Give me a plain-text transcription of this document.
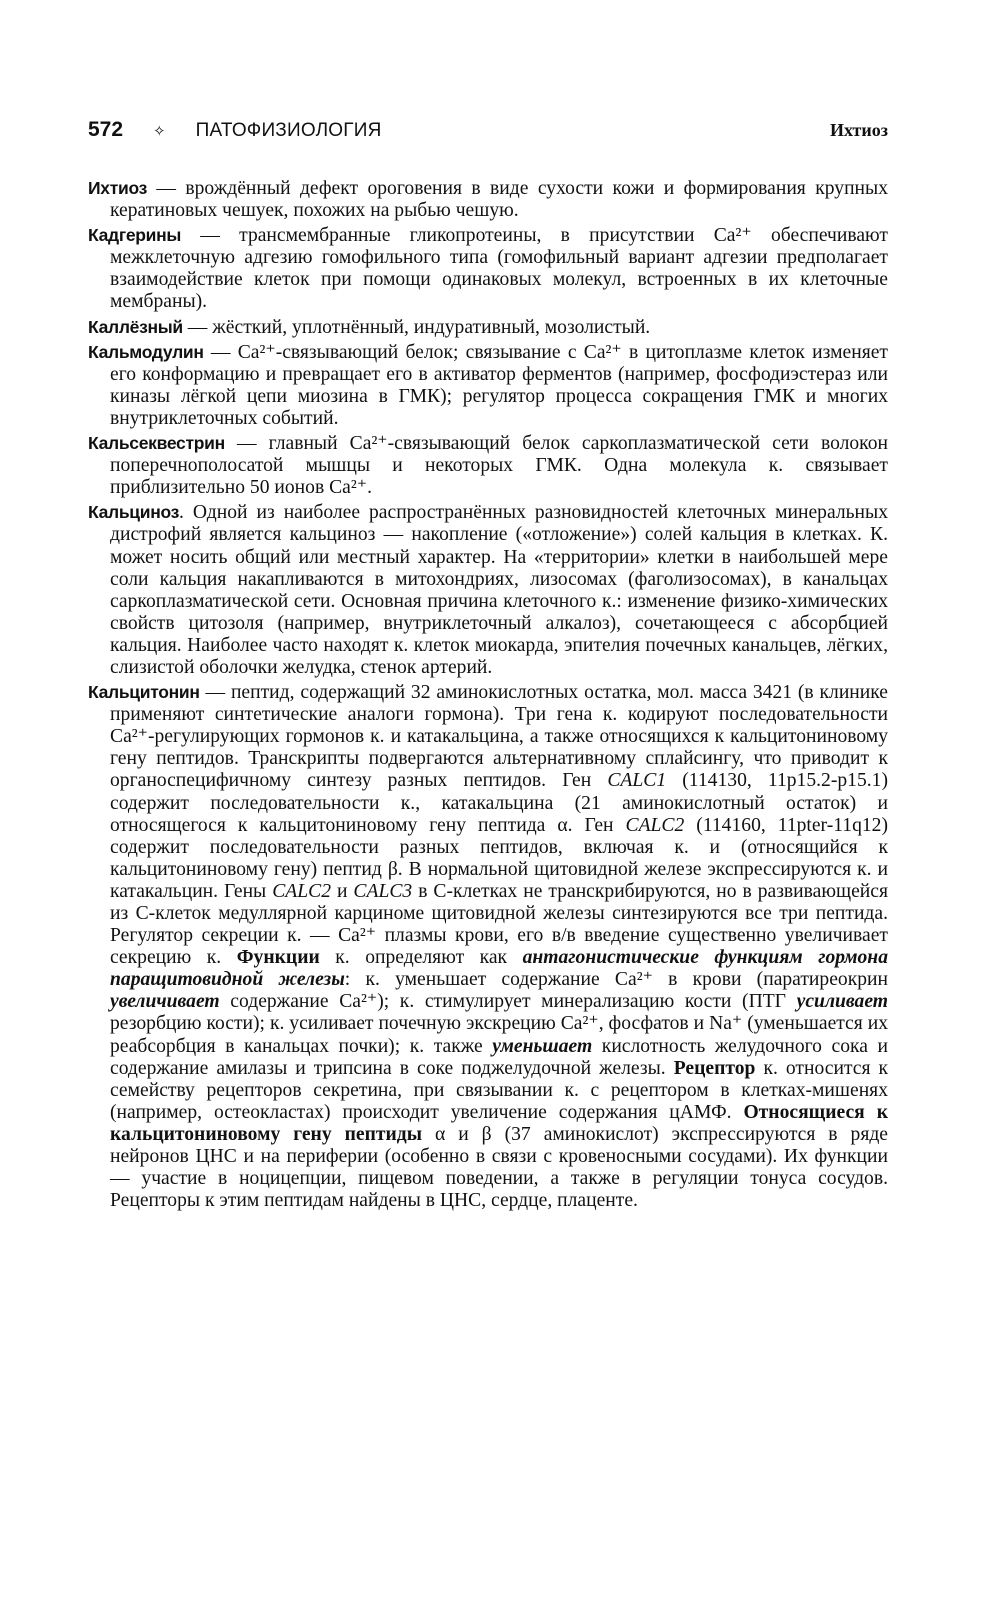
572 ✧ ПАТОФИЗИОЛОГИЯ	Ихтиоз

Ихтиоз — врождённый дефект ороговения в виде сухости кожи и формирования крупных кератиновых чешуек, похожих на рыбью чешую.

Кадгерины — трансмембранные гликопротеины, в присутствии Ca²⁺ обеспечивают межклеточную адгезию гомофильного типа (гомофильный вариант адгезии предполагает взаимодействие клеток при помощи одинаковых молекул, встроенных в их клеточные мембраны).

Каллёзный — жёсткий, уплотнённый, индуративный, мозолистый.

Кальмодулин — Ca²⁺-связывающий белок; связывание с Ca²⁺ в цитоплазме клеток изменяет его конформацию и превращает его в активатор ферментов (например, фосфодиэстераз или киназы лёгкой цепи миозина в ГМК); регулятор процесса сокращения ГМК и многих внутриклеточных событий.

Кальсеквестрин — главный Ca²⁺-связывающий белок саркоплазматической сети волокон поперечнополосатой мышцы и некоторых ГМК. Одна молекула к. связывает приблизительно 50 ионов Ca²⁺.

Кальциноз. Одной из наиболее распространённых разновидностей клеточных минеральных дистрофий является кальциноз — накопление («отложение») солей кальция в клетках. К. может носить общий или местный характер. На «территории» клетки в наибольшей мере соли кальция накапливаются в митохондриях, лизосомах (фаголизосомах), в канальцах саркоплазматической сети. Основная причина клеточного к.: изменение физико-химических свойств цитозоля (например, внутриклеточный алкалоз), сочетающееся с абсорбцией кальция. Наиболее часто находят к. клеток миокарда, эпителия почечных канальцев, лёгких, слизистой оболочки желудка, стенок артерий.

Кальцитонин — пептид, содержащий 32 аминокислотных остатка, мол. масса 3421 (в клинике применяют синтетические аналоги гормона). Три гена к. кодируют последовательности Ca²⁺-регулирующих гормонов к. и катакальцина, а также относящихся к кальцитониновому гену пептидов. Транскрипты подвергаются альтернативному сплайсингу, что приводит к органоспецифичному синтезу разных пептидов. Ген CALC1 (114130, 11p15.2-p15.1) содержит последовательности к., катакальцина (21 аминокислотный остаток) и относящегося к кальцитониновому гену пептида α. Ген CALC2 (114160, 11pter-11q12) содержит последовательности разных пептидов, включая к. и (относящийся к кальцитониновому гену) пептид β. В нормальной щитовидной железе экспрессируются к. и катакальцин. Гены CALC2 и CALC3 в C-клетках не транскрибируются, но в развивающейся из C-клеток медуллярной карциноме щитовидной железы синтезируются все три пептида. Регулятор секреции к. — Ca²⁺ плазмы крови, его в/в введение существенно увеличивает секрецию к. Функции к. определяют как антагонистические функциям гормона паращитовидной железы: к. уменьшает содержание Ca²⁺ в крови (паратиреокрин увеличивает содержание Ca²⁺); к. стимулирует минерализацию кости (ПТГ усиливает резорбцию кости); к. усиливает почечную экскрецию Ca²⁺, фосфатов и Na⁺ (уменьшается их реабсорбция в канальцах почки); к. также уменьшает кислотность желудочного сока и содержание амилазы и трипсина в соке поджелудочной железы. Рецептор к. относится к семейству рецепторов секретина, при связывании к. с рецептором в клетках-мишенях (например, остеокластах) происходит увеличение содержания цАМФ. Относящиеся к кальцитониновому гену пептиды α и β (37 аминокислот) экспрессируются в ряде нейронов ЦНС и на периферии (особенно в связи с кровеносными сосудами). Их функции — участие в ноцицепции, пищевом поведении, а также в регуляции тонуса сосудов. Рецепторы к этим пептидам найдены в ЦНС, сердце, плаценте.
